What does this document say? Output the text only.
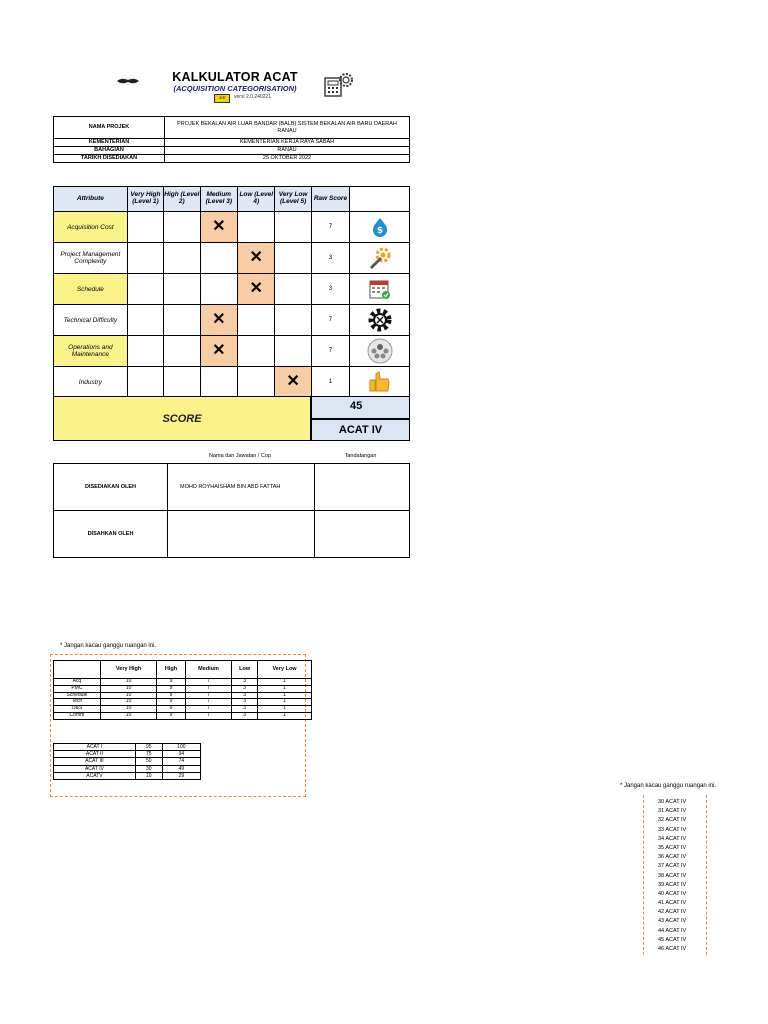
KALKULATOR ACAT
(ACQUISITION CATEGORISATION)
JKR	versi 2.0.240221
NAMA PROJEK	PROJEK BEKALAN AIR LUAR BANDAR (BALB) SISTEM BEKALAN AIR BARU DAERAH RANAU
KEMENTERIAN	KEMENTERIAN KERJA RAYA SABAH
BAHAGIAN	RANAU
TARIKH DISEDIAKAN	25 OKTOBER 2022
Attribute	Very High (Level 1)	High (Level 2)	Medium (Level 3)	Low (Level 4)	Very Low (Level 5)	Raw Score	
Acquisition Cost			✕			7	$

Project Management Complexity				✕		3	

Schedule				✕		3	

Technical Difficulty			✕			7	

Operations and Maintenance			✕			7	

Industry					✕	1	
SCORE
45
ACAT IV
Nama dan Jawatan / Cop	Tandatangan
DISEDIAKAN OLEH	MOHD ROYHAISHAM BIN ABD FATTAH	
DISAHKAN OLEH		
* Jangan kacau ganggu ruangan ini.
	Very High	High	Medium	Low	Very Low
Acq	10	9	7	3	1
PMC	10	9	7	3	1
Schedule	10	9	7	3	1
Tech	10	9	7	3	1
O&S	10	9	7	3	1
Comm	10	9	7	3	1
ACAT I	95	100
ACAT II	75	94
ACAT III	50	74
ACAT IV	30	49
ACATV	10	29
* Jangan kacau ganggu ruangan ini.
30 ACAT IV
31 ACAT IV
32 ACAT IV
33 ACAT IV
34 ACAT IV
35 ACAT IV
36 ACAT IV
37 ACAT IV
38 ACAT IV
39 ACAT IV
40 ACAT IV
41 ACAT IV
42 ACAT IV
43 ACAT IV
44 ACAT IV
45 ACAT IV
46 ACAT IV
